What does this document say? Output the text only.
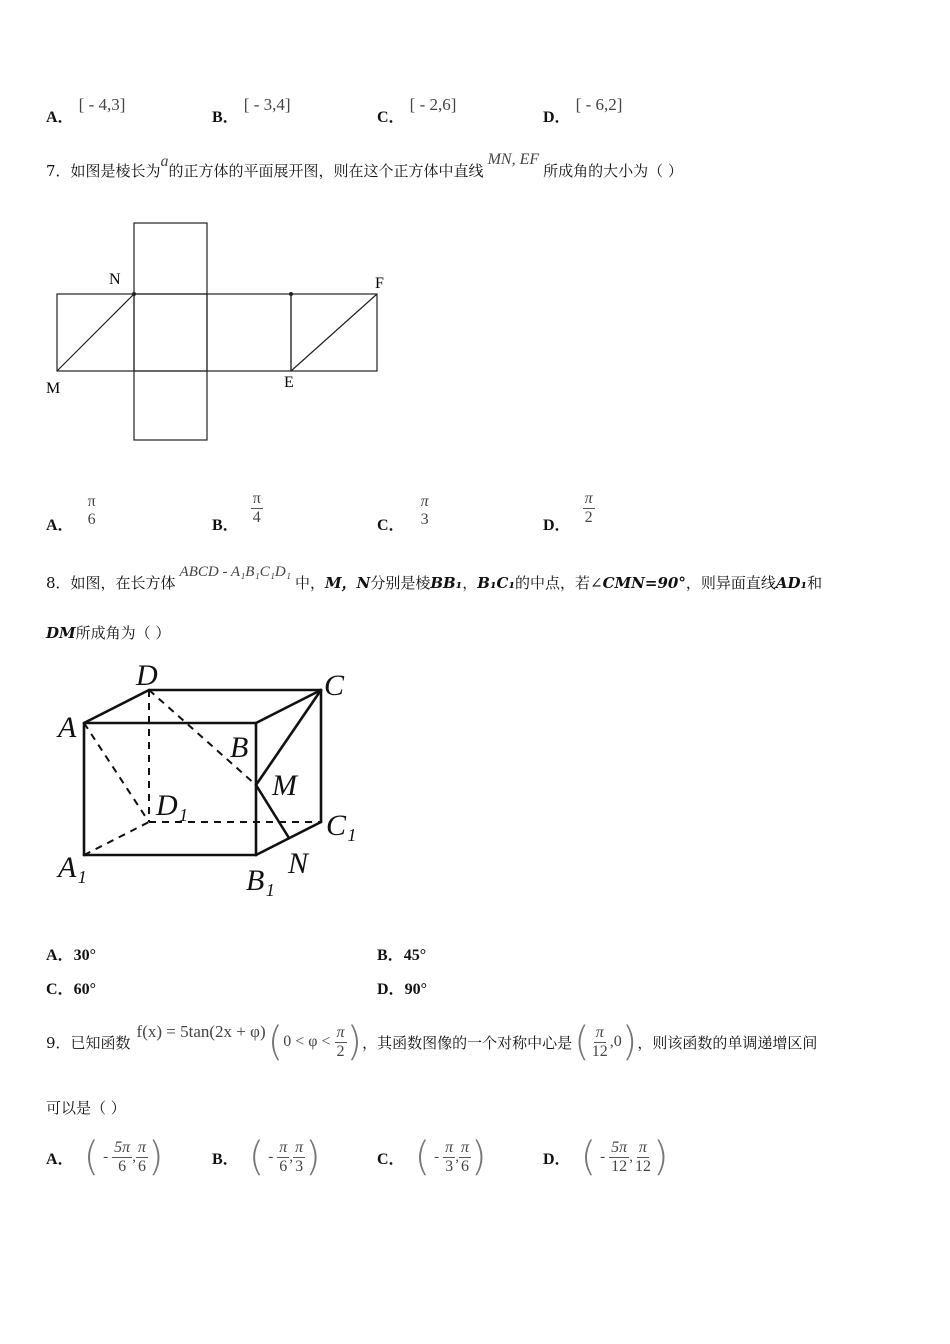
A． [ - 4,3]
B． [ - 3,4]
C． [ - 2,6]
D． [ - 6,2]
7．如图是棱长为a的正方体的平面展开图，则在这个正方体中直线MN, EF所成角的大小为（ ）
N	F
M	E
A．
π
6	B． $\frac{\pi}{4}$	C．
π
3	D． $\frac{\pi}{2}$
8．如图，在长方体ABCD - A₁B₁C₁D₁中，M，N分别是棱BB₁，B₁C₁的中点，若∠CMN=90°，则异面直线AD₁和
DM所成角为（ ）
D	C
A
B
M
D₁
C₁
A₁	B₁
N
A．30°	B．45°
C．60°	D．90°
9．已知函数
f(x) = 5tan(2x + φ) ( $0 < \varphi < \frac{\pi}{2}$ ) ，其函数图像的一个对称中心是 ( $\frac{\pi}{12} ,0$ ) ，则该函数的单调递增区间
可以是（ ）
A． ( - $\frac{5\pi}{6}$ , $\frac{\pi}{6}$ )	B． ( - $\frac{\pi}{6}$ , $\frac{\pi}{3}$ )	C． ( - $\frac{\pi}{3}$ , $\frac{\pi}{6}$ )	D． ( - $\frac{5\pi}{12}$ , $\frac{\pi}{12}$ )
